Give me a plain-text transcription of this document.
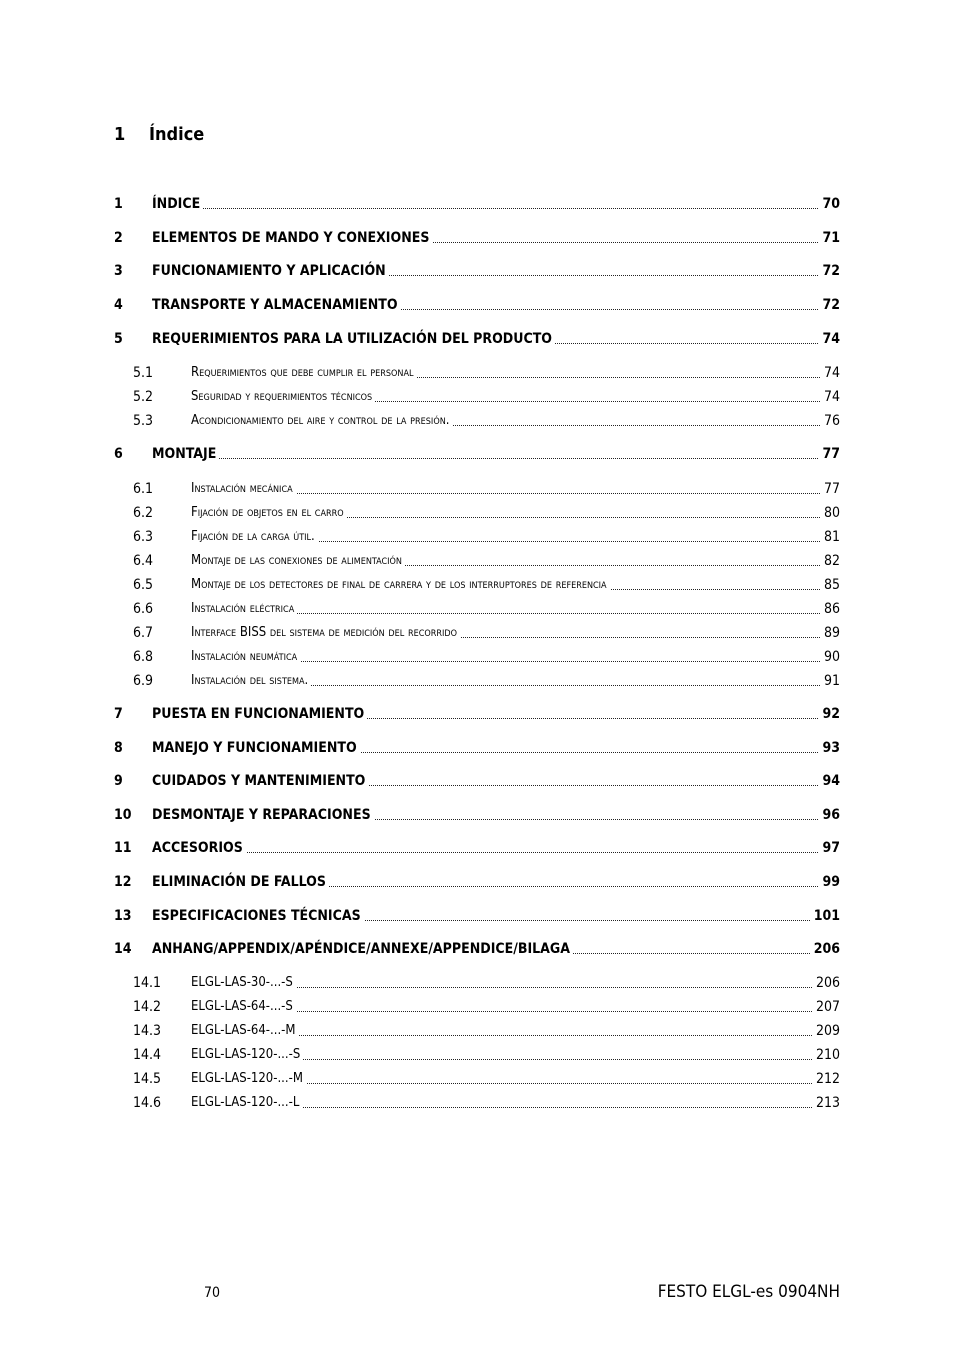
1 Índice
1 ÍNDICE	70
2 ELEMENTOS DE MANDO Y CONEXIONES	71
3 FUNCIONAMIENTO Y APLICACIÓN	72
4 TRANSPORTE Y ALMACENAMIENTO	72
5 REQUERIMIENTOS PARA LA UTILIZACIÓN DEL PRODUCTO	74
5.1	Requerimientos que debe cumplir el personal	74
5.2	Seguridad y requerimientos técnicos	74
5.3	Acondicionamiento del aire y control de la presión.	76
6 MONTAJE	77
6.1	Instalación mecánica	77
6.2	Fijación de objetos en el carro	80
6.3	Fijación de la carga útil.	81
6.4	Montaje de las conexiones de alimentación	82
6.5	Montaje de los detectores de final de carrera y de los interruptores de referencia	85
6.6	Instalación eléctrica	86
6.7	Interface BISS del sistema de medición del recorrido	89
6.8	Instalación neumática	90
6.9	Instalación del sistema.	91
7 PUESTA EN FUNCIONAMIENTO	92
8 MANEJO Y FUNCIONAMIENTO	93
9 CUIDADOS Y MANTENIMIENTO	94
10 DESMONTAJE Y REPARACIONES	96
11 ACCESORIOS	97
12 ELIMINACIÓN DE FALLOS	99
13 ESPECIFICACIONES TÉCNICAS	101
14 ANHANG/APPENDIX/APÉNDICE/ANNEXE/APPENDICE/BILAGA	206
14.1 ELGL-LAS-30-...-S	206
14.2 ELGL-LAS-64-...-S	207
14.3 ELGL-LAS-64-...-M	209
14.4 ELGL-LAS-120-...-S	210
14.5 ELGL-LAS-120-...-M	212
14.6 ELGL-LAS-120-...-L	213
70	FESTO ELGL-es 0904NH
